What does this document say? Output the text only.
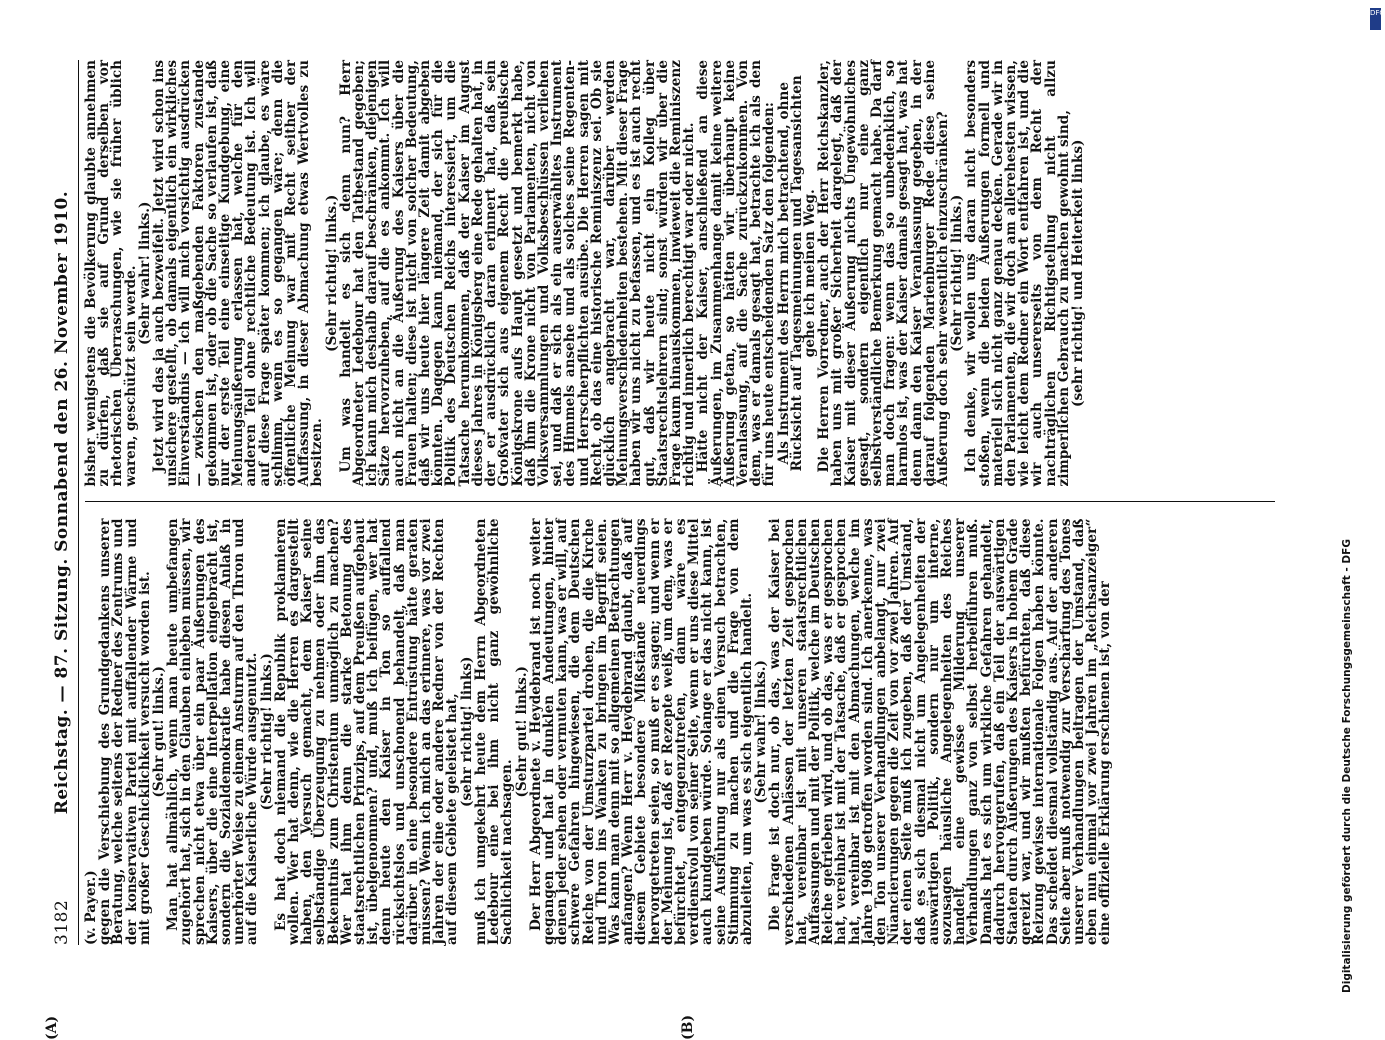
3182
Reichstag. — 87. Sitzung. Sonnabend den 26. November 1910.
(A)	(B)

(v. Payer.)

gegen die Verschiebung des Grundgedankens unserer Beratung, welche seitens der Redner des Zentrums und der konservativen Partei mit auffallender Wärme und mit großer Geschicklichkeit versucht worden ist.

(Sehr gut! links.)

Man hat allmählich, wenn man heute umbefangen zugehört hat, sich in den Glauben einleben müssen, wir sprechen nicht etwa über ein paar Äußerungen des Kaisers, über die eine Interpellation eingebracht ist, sondern die Sozialdemokratie habe diesen Anlaß in unerhörter Weise zu einem Ansturm auf den Thron und auf die Kaiserliche Würde ausgenutzt.

(Sehr richtig! links.)

Es hat doch niemand die Republik proklamieren wollen. Wer hat denn, wie die Herren es dargestellt haben, den Versuch gemacht, dem Kaiser seine selbständige Überzeugung zu nehmen oder ihm das Bekenntnis zum Christentum unmöglich zu machen? Wer hat ihm denn die starke Betonung des staatsrechtlichen Prinzips, auf dem Preußen aufgebaut ist, übelgenommen? und, muß ich beifügen, wer hat denn heute den Kaiser in Ton so auffallend rücksichtslos und unschonend behandelt, daß man darüber in eine besondere Entrüstung hätte geraten müssen? Wenn ich mich an das erinnere, was vor zwei Jahren der eine oder andere Redner von der Rechten auf diesem Gebiete geleistet hat,

(sehr richtig! links)

muß ich umgekehrt heute dem Herrn Abgeordneten Ledebour eine bei ihm nicht ganz gewöhnliche Sachlichkeit nachsagen.

(Sehr gut! links.)

Der Herr Abgeordnete v. Heydebrand ist noch weiter gegangen und hat in dunklen Andeutungen, hinter denen jeder sehen oder vermuten kann, was er will, auf schwere Gefahren hingewiesen, die dem Deutschen Reiche von der Umsturzpartei drohen, die die Kirche und Thron ins Wanken zu bringen im Begriff seien. Was kann man denn mit so allgemeinen Betrachtungen anfangen? Wenn Herr v. Heydebrand glaubt, daß auf diesem Gebiete besondere Mißstände neuerdings hervorgetreten seien, so muß er es sagen; und wenn er der Meinung ist, daß er Rezepte weiß, um dem, was er befürchtet, entgegenzutreten, dann wäre es verdienstvoll von seiner Seite, wenn er uns diese Mittel auch kundgeben würde. Solange er das nicht kann, ist seine Ausführung nur als einen Versuch betrachten, Stimmung zu machen und die Frage von dem abzuleiten, um was es sich eigentlich handelt.

(Sehr wahr! links.)

Die Frage ist doch nur, ob das, was der Kaiser bei verschiedenen Anlässen der letzten Zeit gesprochen hat, vereinbar ist mit unseren staatsrechtlichen Auffassungen und mit der Politik, welche im Deutschen Reiche getrieben wird, und ob das, was er gesprochen hat, vereinbar ist mit der Tatsache, daß er gesprochen hat, vereinbar ist mit den Abmachungen, welche im Jahre 1908 getroffen worden sind. Ich anerkenne, was den Ton unserer Verhandlungen anbelangt, nur zwei Nüancierungen gegen die Zeit von vor zwei Jahren. Auf der einen Seite muß ich zugeben, daß der Umstand, daß es sich diesmal nicht um Angelegenheiten der auswärtigen Politik, sondern nur um interne, sozusagen häusliche Angelegenheiten des Reiches handelt, eine gewisse Milderung unserer Verhandlungen ganz von selbst herbeiführen muß. Damals hat es sich um wirkliche Gefahren gehandelt, dadurch hervorgerufen, daß ein Teil der auswärtigen Staaten durch Äußerungen des Kaisers in hohem Grade gereizt war, und wir mußten befürchten, daß diese Reizung gewisse internationale Folgen haben könnte. Das scheidet diesmal vollständig aus. Auf der anderen Seite aber muß notwendig zur Verschärfung des Tones unserer Verhandlungen beitragen der Umstand, daß eben nun einmal vor zwei Jahren im „Reichsanzeiger“ eine offizielle Erklärung erschienen ist, von der

bisher wenigstens die Bevölkerung glaubte annehmen zu dürfen, daß sie auf Grund derselben vor rhetorischen Überraschungen, wie sie früher üblich waren, geschützt sein werde.

(Sehr wahr! links.)

Jetzt wird das ja auch bezweifelt. Jetzt wird schon ins unsichere gestellt, ob damals eigentlich ein wirkliches Einverständnis — ich will mich vorsichtig ausdrücken — zwischen den maßgebenden Faktoren zustande gekommen ist, oder ob die Sache so verlaufen ist, daß nur der erste Teil eine einseitige Kundgebung, eine Meinungsäußerung erlassen hat, welche für den anderen Teil ohne rechtliche Bedeutung ist. Ich will auf diese Frage später kommen; ich glaube, es wäre schlimm, wenn es so gegangen wäre; denn die öffentliche Meinung war mit Recht seither der Auffassung, in dieser Abmachung etwas Wertvolles zu besitzen.

(Sehr richtig! links.)

Um was handelt es sich denn nun? Herr Abgeordneter Ledebour hat den Tatbestand gegeben; ich kann mich deshalb darauf beschränken, diejenigen Sätze hervorzuheben, auf die es ankommt. Ich will auch nicht an die Äußerung des Kaisers über die Frauen halten; diese ist nicht von solcher Bedeutung, daß wir uns heute hier längere Zeit damit abgeben könnten. Dagegen kann niemand, der sich für die Politik des Deutschen Reichs interessiert, um die Tatsache herumkommen, daß der Kaiser im August dieses Jahres in Königsberg eine Rede gehalten hat, in der er ausdrücklich daran erinnert hat, daß sein Großvater sich aus eigenem Recht die preußische Königskrone aufs Haupt gesetzt und bemerkt habe, daß ihm die Krone nicht von Parlamenten, nicht von Volksversammlungen und Volksbeschlüssen verliehen sei, und daß er sich als ein auserwähltes Instrument des Himmels ansehe und als solches seine Regenten- und Herrscherpflichten ausübe. Die Herren sagen mit Recht, ob das eine historische Reminiszenz sei. Ob sie glücklich angebracht war, darüber werden Meinungsverschiedenheiten bestehen. Mit dieser Frage haben wir uns nicht zu befassen, und es ist auch recht gut, daß wir heute nicht ein Kolleg über Staatsrechtslehrern sind; sonst würden wir über die Frage kaum hinauskommen, inwieweit die Reminiszenz richtig und innerlich berechtigt war oder nicht.

Hätte nicht der Kaiser, anschließend an diese Äußerungen, im Zusammenhange damit keine weitere Äußerung getan, so hätten wir überhaupt keine Veranlassung, auf die Sache zurückzukommen. Von dem, was er damals gesagt hat, betrachte ich als den für uns heute entscheidenden Satz den folgenden:

Als Instrument des Herrn mich betrachtend, ohne Rücksicht auf Tagesmeinungen und Tagesansichten gehe ich meinen Weg.

Die Herren Vorredner, auch der Herr Reichskanzler, haben uns mit großer Sicherheit dargelegt, daß der Kaiser mit dieser Äußerung nichts Ungewöhnliches gesagt, sondern eigentlich nur eine ganz selbstverständliche Bemerkung gemacht habe. Da darf man doch fragen: wenn das so unbedenklich, so harmlos ist, was der Kaiser damals gesagt hat, was hat denn dann den Kaiser Veranlassung gegeben, in der darauf folgenden Marienburger Rede diese seine Äußerung doch sehr wesentlich einzuschränken?

(Sehr richtig! links.)

Ich denke, wir wollen uns daran nicht besonders stoßen, wenn die beiden Äußerungen formell und materiell sich nicht ganz genau decken. Gerade wir in den Parlamenten, die wir doch am allerehesten wissen, wie leicht dem Redner ein Wort entfahren ist, und die wir auch unsererseits von dem Recht der nachträglichen Richtigstellung nicht allzu zimperlichen Gebrauch zu machen gewohnt sind,

(sehr richtig! und Heiterkeit links)

Digitalisierung gefördert durch die Deutsche Forschungsgemeinschaft - DFG
DFG
